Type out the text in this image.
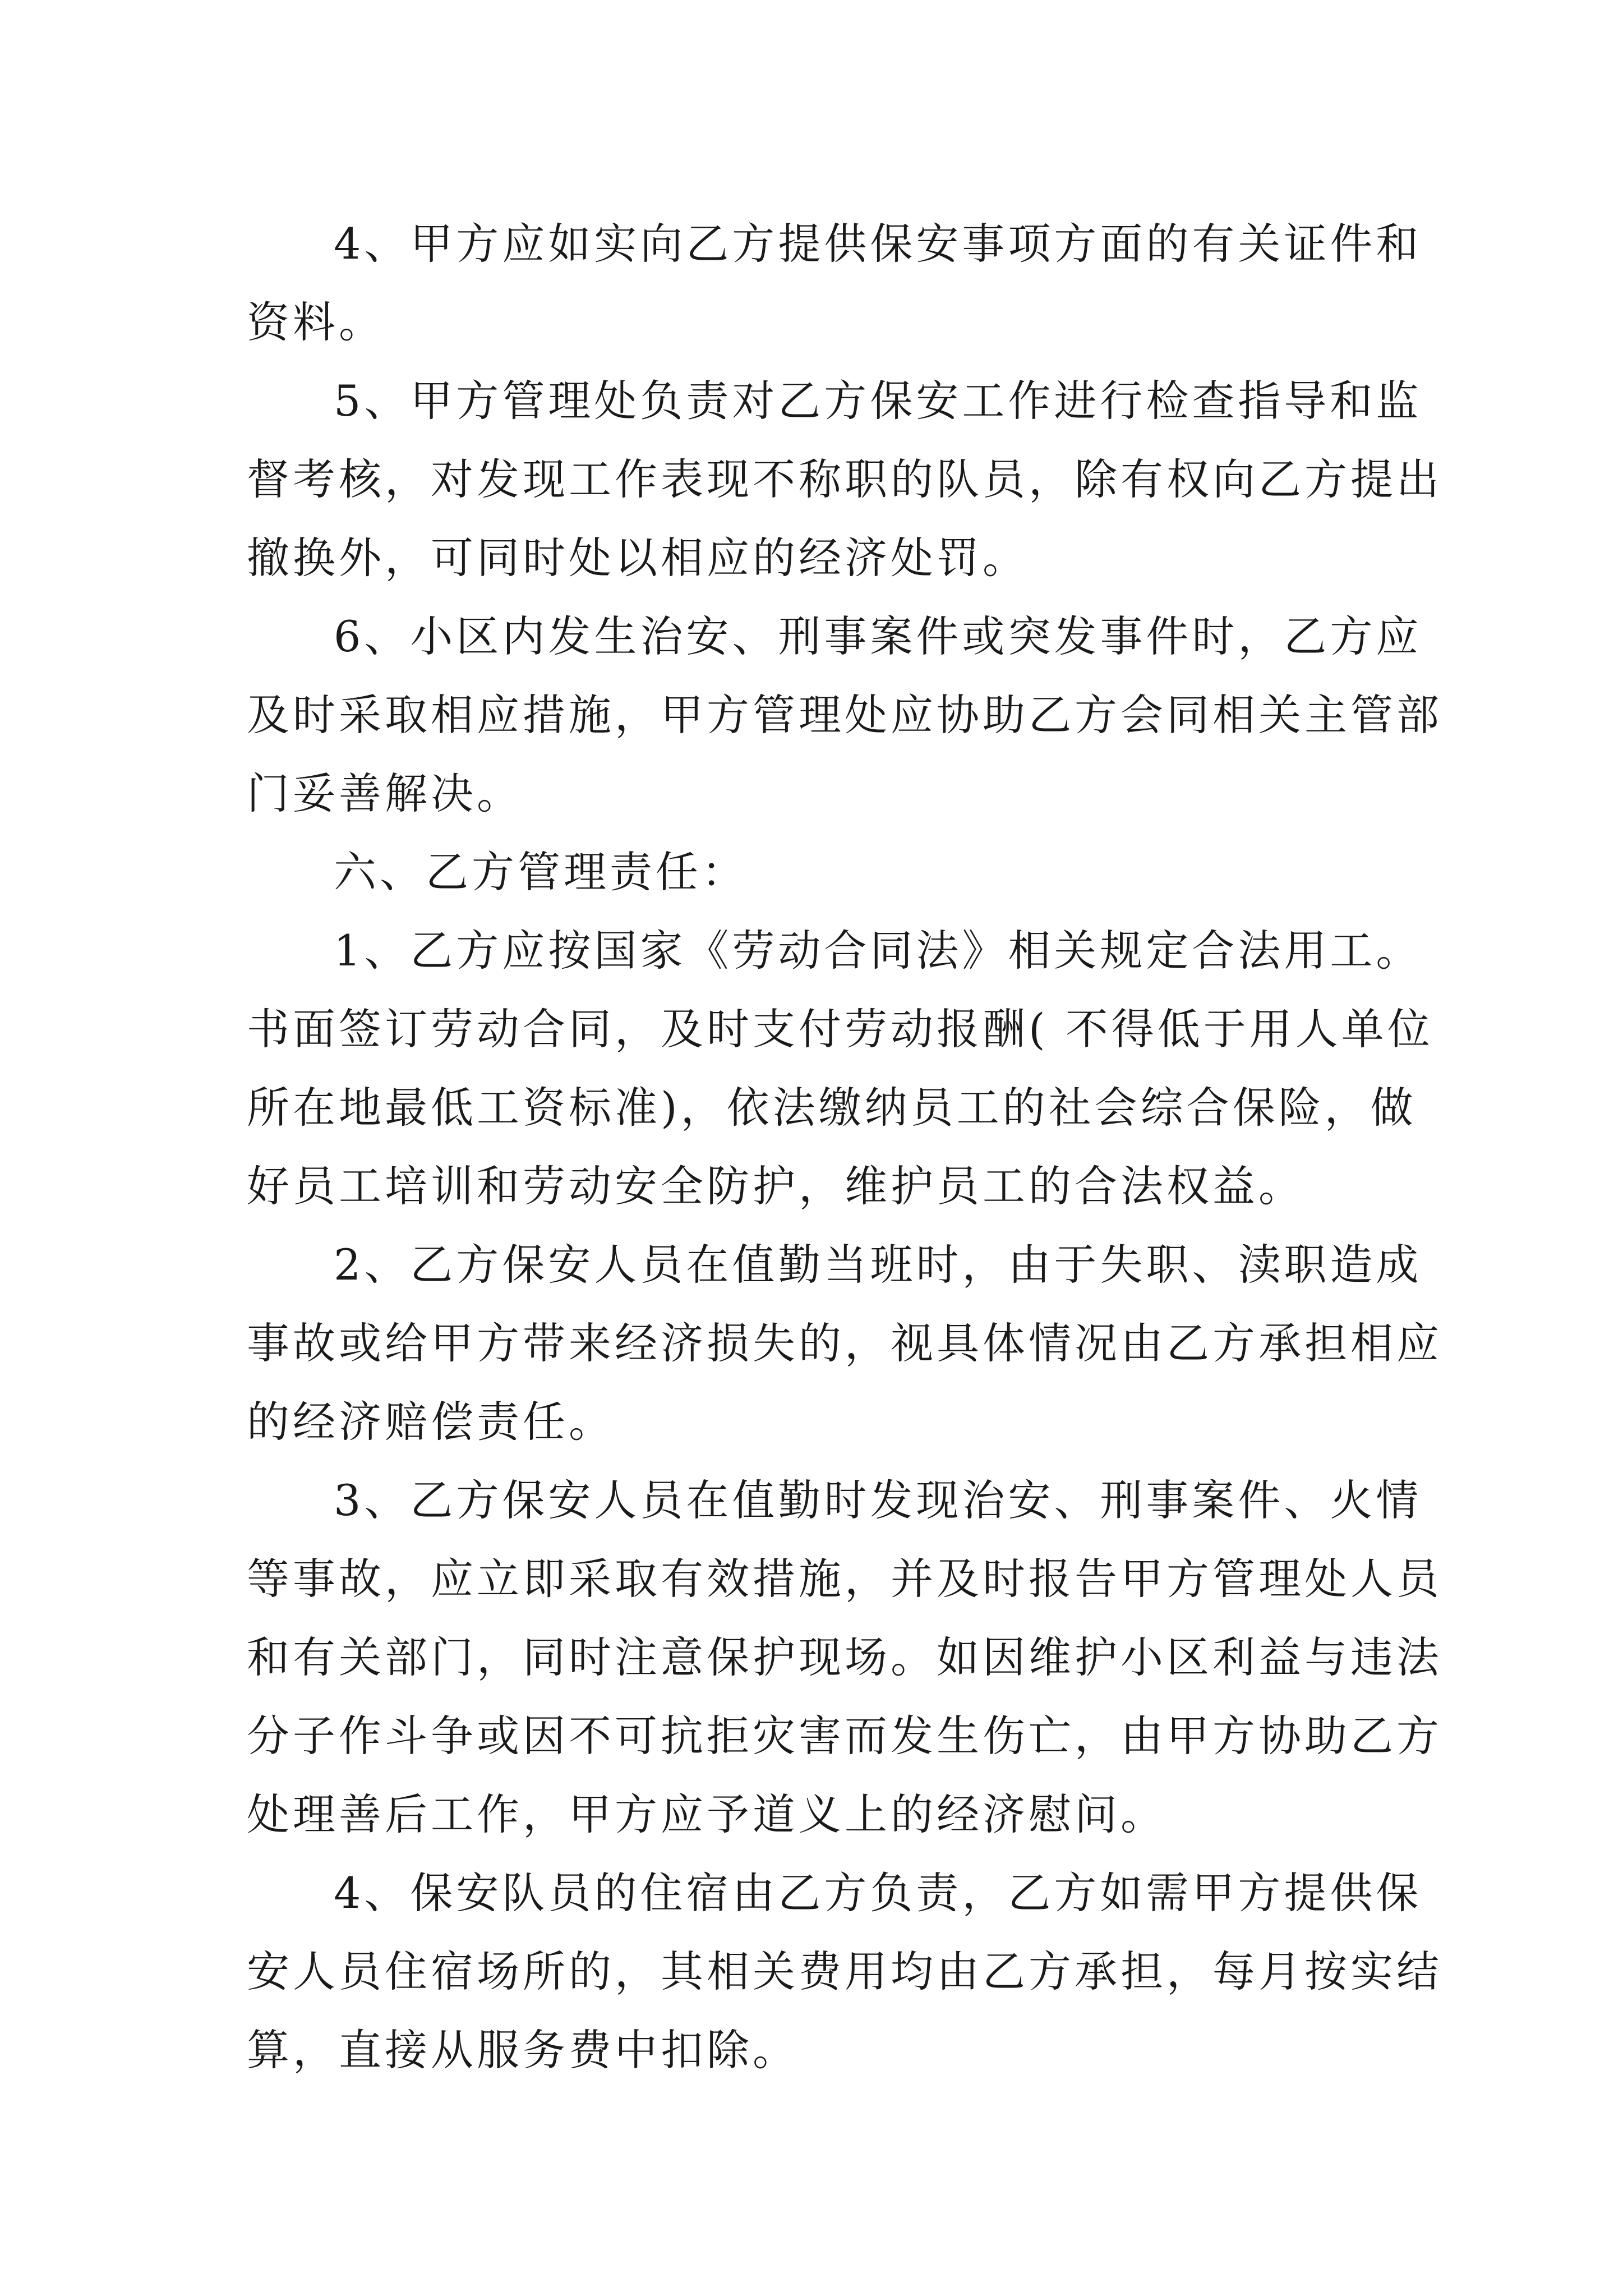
4、甲方应如实向乙方提供保安事项方面的有关证件和
资料。
5、甲方管理处负责对乙方保安工作进行检查指导和监
督考核，对发现工作表现不称职的队员，除有权向乙方提出
撤换外，可同时处以相应的经济处罚。
6、小区内发生治安、刑事案件或突发事件时，乙方应
及时采取相应措施，甲方管理处应协助乙方会同相关主管部
门妥善解决。
六、乙方管理责任：
1、乙方应按国家《劳动合同法》相关规定合法用工。
书面签订劳动合同，及时支付劳动报酬( 不得低于用人单位
所在地最低工资标准)，依法缴纳员工的社会综合保险，做
好员工培训和劳动安全防护，维护员工的合法权益。
2、乙方保安人员在值勤当班时，由于失职、渎职造成
事故或给甲方带来经济损失的，视具体情况由乙方承担相应
的经济赔偿责任。
3、乙方保安人员在值勤时发现治安、刑事案件、火情
等事故，应立即采取有效措施，并及时报告甲方管理处人员
和有关部门，同时注意保护现场。如因维护小区利益与违法
分子作斗争或因不可抗拒灾害而发生伤亡，由甲方协助乙方
处理善后工作，甲方应予道义上的经济慰问。
4、保安队员的住宿由乙方负责，乙方如需甲方提供保
安人员住宿场所的，其相关费用均由乙方承担，每月按实结
算，直接从服务费中扣除。
